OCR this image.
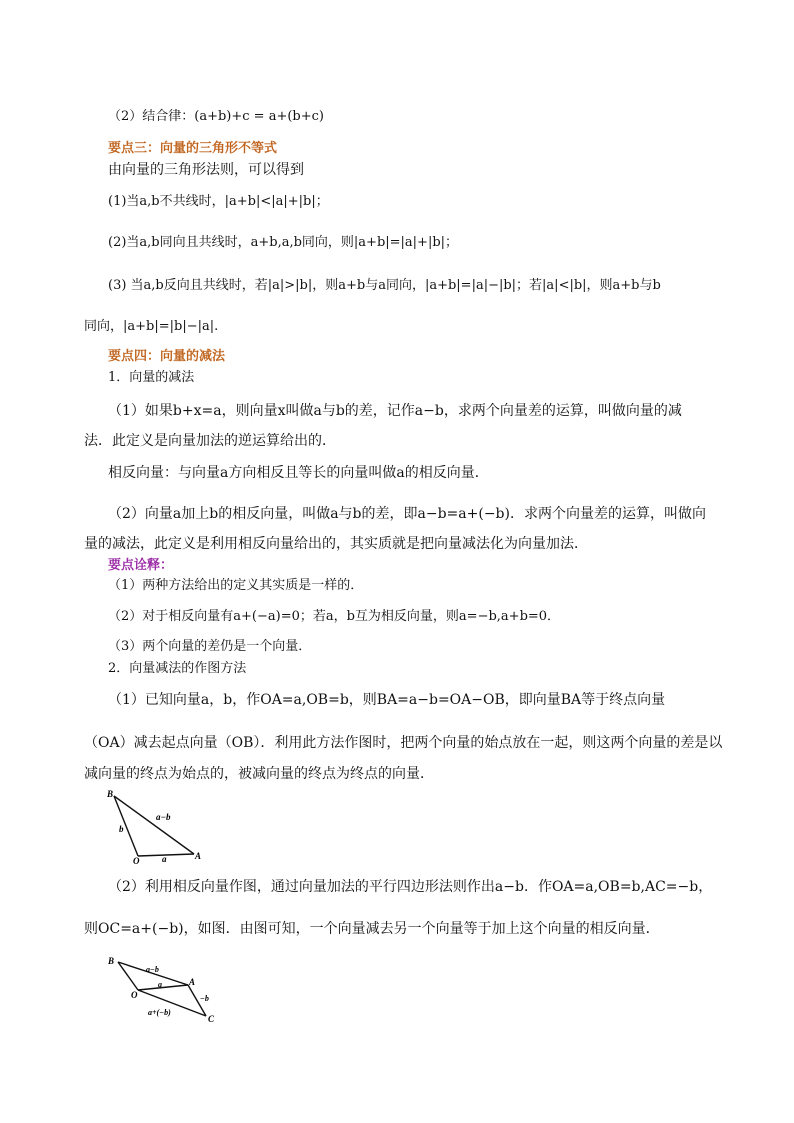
（2）结合律：(a+b)+c = a+(b+c)
要点三：向量的三角形不等式
由向量的三角形法则，可以得到
(1)当a,b不共线时，|a+b|<|a|+|b|；
(2)当a,b同向且共线时，a+b,a,b同向，则|a+b|=|a|+|b|；
(3) 当a,b反向且共线时，若|a|>|b|，则a+b与a同向，|a+b|=|a|−|b|；若|a|<|b|，则a+b与b
同向，|a+b|=|b|−|a|.
要点四：向量的减法
1．向量的减法
（1）如果b+x=a，则向量x叫做a与b的差，记作a−b，求两个向量差的运算，叫做向量的减
法．此定义是向量加法的逆运算给出的．
相反向量：与向量a方向相反且等长的向量叫做a的相反向量．
（2）向量a加上b的相反向量，叫做a与b的差，即a−b=a+(−b)．求两个向量差的运算，叫做向
量的减法，此定义是利用相反向量给出的，其实质就是把向量减法化为向量加法．
要点诠释：
（1）两种方法给出的定义其实质是一样的．
（2）对于相反向量有a+(−a)=0；若a，b互为相反向量，则a=−b,a+b=0．
（3）两个向量的差仍是一个向量．
2．向量减法的作图方法
（1）已知向量a，b，作OA=a,OB=b，则BA=a−b=OA−OB，即向量BA等于终点向量
（OA）减去起点向量（OB）．利用此方法作图时，把两个向量的始点放在一起，则这两个向量的差是以
减向量的终点为始点的，被减向量的终点为终点的向量．
B
O	A
b
a
a−b
（2）利用相反向量作图，通过向量加法的平行四边形法则作出a−b．作OA=a,OB=b,AC=−b，
则OC=a+(−b)，如图．由图可知，一个向量减去另一个向量等于加上这个向量的相反向量．
B
O
A
C
a−b
a
−b
a+(−b)
